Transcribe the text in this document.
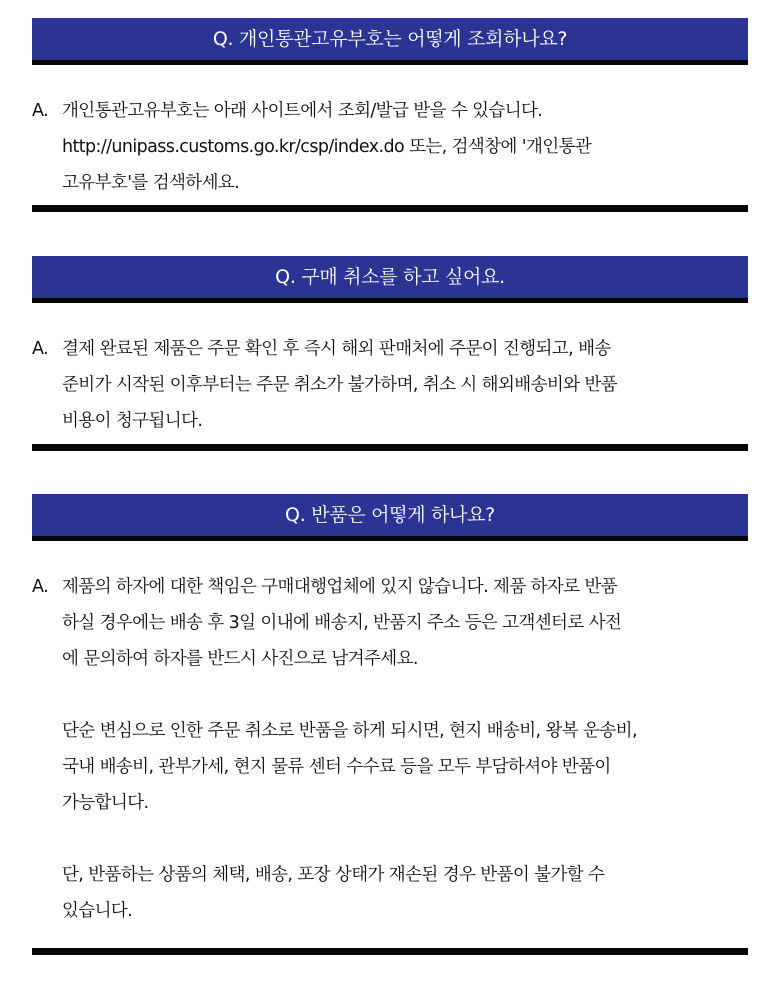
Q. 개인통관고유부호는 어떻게 조회하나요?
A. 개인통관고유부호는 아래 사이트에서 조회/발급 받을 수 있습니다.

http://unipass.customs.go.kr/csp/index.do 또는, 검색창에 '개인통관

고유부호'를 검색하세요.

Q. 구매 취소를 하고 싶어요.
A. 결제 완료된 제품은 주문 확인 후 즉시 해외 판매처에 주문이 진행되고, 배송

준비가 시작된 이후부터는 주문 취소가 불가하며, 취소 시 해외배송비와 반품

비용이 청구됩니다.

Q. 반품은 어떻게 하나요?
A. 제품의 하자에 대한 책임은 구매대행업체에 있지 않습니다. 제품 하자로 반품

하실 경우에는 배송 후 3일 이내에 배송지, 반품지 주소 등은 고객센터로 사전

에 문의하여 하자를 반드시 사진으로 남겨주세요.

단순 변심으로 인한 주문 취소로 반품을 하게 되시면, 현지 배송비, 왕복 운송비,

국내 배송비, 관부가세, 현지 물류 센터 수수료 등을 모두 부담하셔야 반품이

가능합니다.

단, 반품하는 상품의 체택, 배송, 포장 상태가 재손된 경우 반품이 불가할 수

있습니다.
